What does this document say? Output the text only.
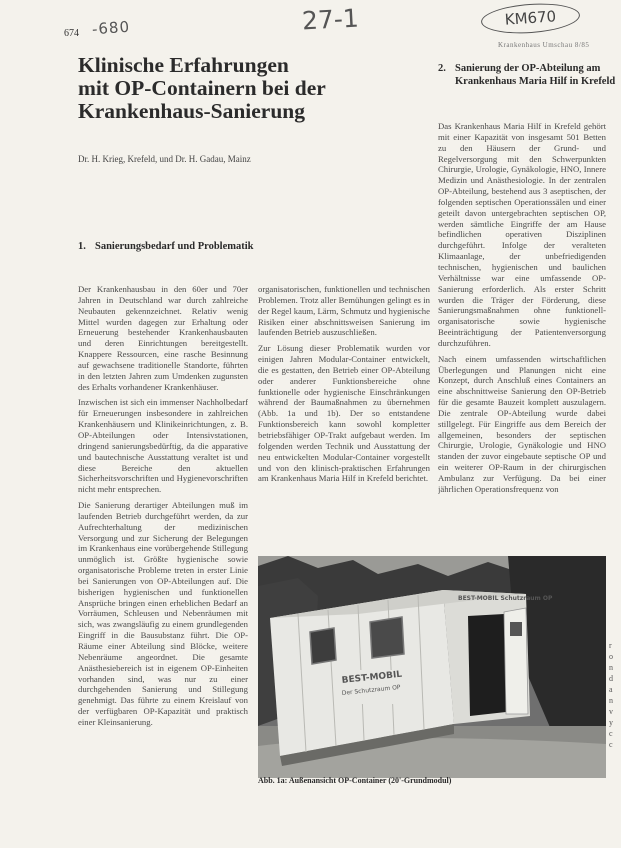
674 -680	27-1	KM670
Krankenhaus Umschau 8/85
Klinische Erfahrungen
mit OP-Containern bei der
Krankenhaus-Sanierung
Dr. H. Krieg, Krefeld, und Dr. H. Gadau, Mainz
1. Sanierungsbedarf und Problematik

Der Krankenhausbau in den 60er und 70er Jahren in Deutschland war durch zahlreiche Neubauten gekennzeichnet. Relativ wenig Mittel wurden dagegen zur Erhaltung oder Erneuerung bestehender Krankenhausbauten und deren Einrichtungen bereitgestellt. Knappere Ressourcen, eine rasche Besinnung auf gewachsene traditionelle Standorte, führten in den letzten Jahren zum Umdenken zugunsten des Erhalts vorhandener Krankenhäuser.

Inzwischen ist sich ein immenser Nachholbedarf für Erneuerungen insbesondere in zahlreichen Krankenhäusern und Klinikeinrichtungen, z. B. OP-Abteilungen oder Intensivstationen, dringend sanierungsbedürftig, da die apparative und bautechnische Ausstattung veraltet ist und diese Bereiche den aktuellen Sicherheitsvorschriften und Hygienevorschriften nicht mehr entsprechen.

Die Sanierung derartiger Abteilungen muß im laufenden Betrieb durchgeführt werden, da zur Aufrechterhaltung der medizinischen Versorgung und zur Sicherung der Belegungen im Krankenhaus eine vorübergehende Stillegung unmöglich ist. Größte hygienische sowie organisatorische Probleme treten in erster Linie bei Sanierungen von OP-Abteilungen auf. Die bisherigen hygienischen und funktionellen Ansprüche bringen einen erheblichen Bedarf an Vorräumen, Schleusen und Nebenräumen mit sich, was zwangsläufig zu einem grundlegenden Eingriff in die Bausubstanz führt. Die OP-Räume einer Abteilung sind Blöcke, weitere Nebenräume angeordnet. Die gesamte Anästhesiebereich ist in eigenem OP-Einheiten vorhanden sind, was nur zu einer durchgehenden Sanierung und Stillegung genehmigt. Das führte zu einem Kreislauf von der verfügbaren OP-Kapazität und praktisch einer Kleinsanierung.

organisatorischen, funktionellen und technischen Problemen. Trotz aller Bemühungen gelingt es in der Regel kaum, Lärm, Schmutz und hygienische Risiken einer abschnittsweisen Sanierung im laufenden Betrieb auszuschließen.

Zur Lösung dieser Problematik wurden vor einigen Jahren Modular-Container entwickelt, die es gestatten, den Betrieb einer OP-Abteilung oder anderer Funktionsbereiche ohne funktionelle oder hygienische Einschränkungen während der Baumaßnahmen zu übernehmen (Abb. 1a und 1b). Der so entstandene Funktionsbereich kann sowohl kompletter betriebsfähiger OP-Trakt aufgebaut werden. Im folgenden werden Technik und Ausstattung der neu entwickelten Modular-Container vorgestellt und von den klinisch-praktischen Erfahrungen am Krankenhaus Maria Hilf in Krefeld berichtet.

2. Sanierung der OP-Abteilung am Krankenhaus Maria Hilf in Krefeld

Das Krankenhaus Maria Hilf in Krefeld gehört mit einer Kapazität von insgesamt 501 Betten zu den Häusern der Grund- und Regelversorgung mit den Schwerpunkten Chirurgie, Urologie, Gynäkologie, HNO, Innere Medizin und Anästhesiologie. In der zentralen OP-Abteilung, bestehend aus 3 aseptischen, der folgenden septischen Operationssälen und einer geteilt davon untergebrachten septischen OP, werden sämtliche Eingriffe der am Hause befindlichen operativen Disziplinen durchgeführt. Infolge der veralteten Klimaanlage, der unbefriedigenden technischen, hygienischen und baulichen Verhältnisse war eine umfassende OP-Sanierung erforderlich. Als erster Schritt wurden die Träger der Förderung, diese Sanierungsmaßnahmen ohne funktionell-organisatorische sowie hygienische Beeinträchtigung der Patientenversorgung durchzuführen.

Nach einem umfassenden wirtschaftlichen Überlegungen und Planungen nicht eine Konzept, durch Anschluß eines Containers an eine abschnittweise Sanierung den OP-Betrieb für die gesamte Bauzeit komplett auszulagern. Die zentrale OP-Abteilung wurde dabei stillgelegt. Für Eingriffe aus dem Bereich der allgemeinen, besonders der septischen Chirurgie, Urologie, Gynäkologie und HNO standen der zuvor eingebaute septische OP und ein weiterer OP-Raum in der chirurgischen Ambulanz zur Verfügung. Da bei einer jährlichen Operationsfrequenz von

BEST-MOBIL
Der Schutzraum OP
BEST-MOBIL Schutzraum OP
Abb. 1a: Außenansicht OP-Container (20'-Grundmodul)
r o n d a n v y c c
